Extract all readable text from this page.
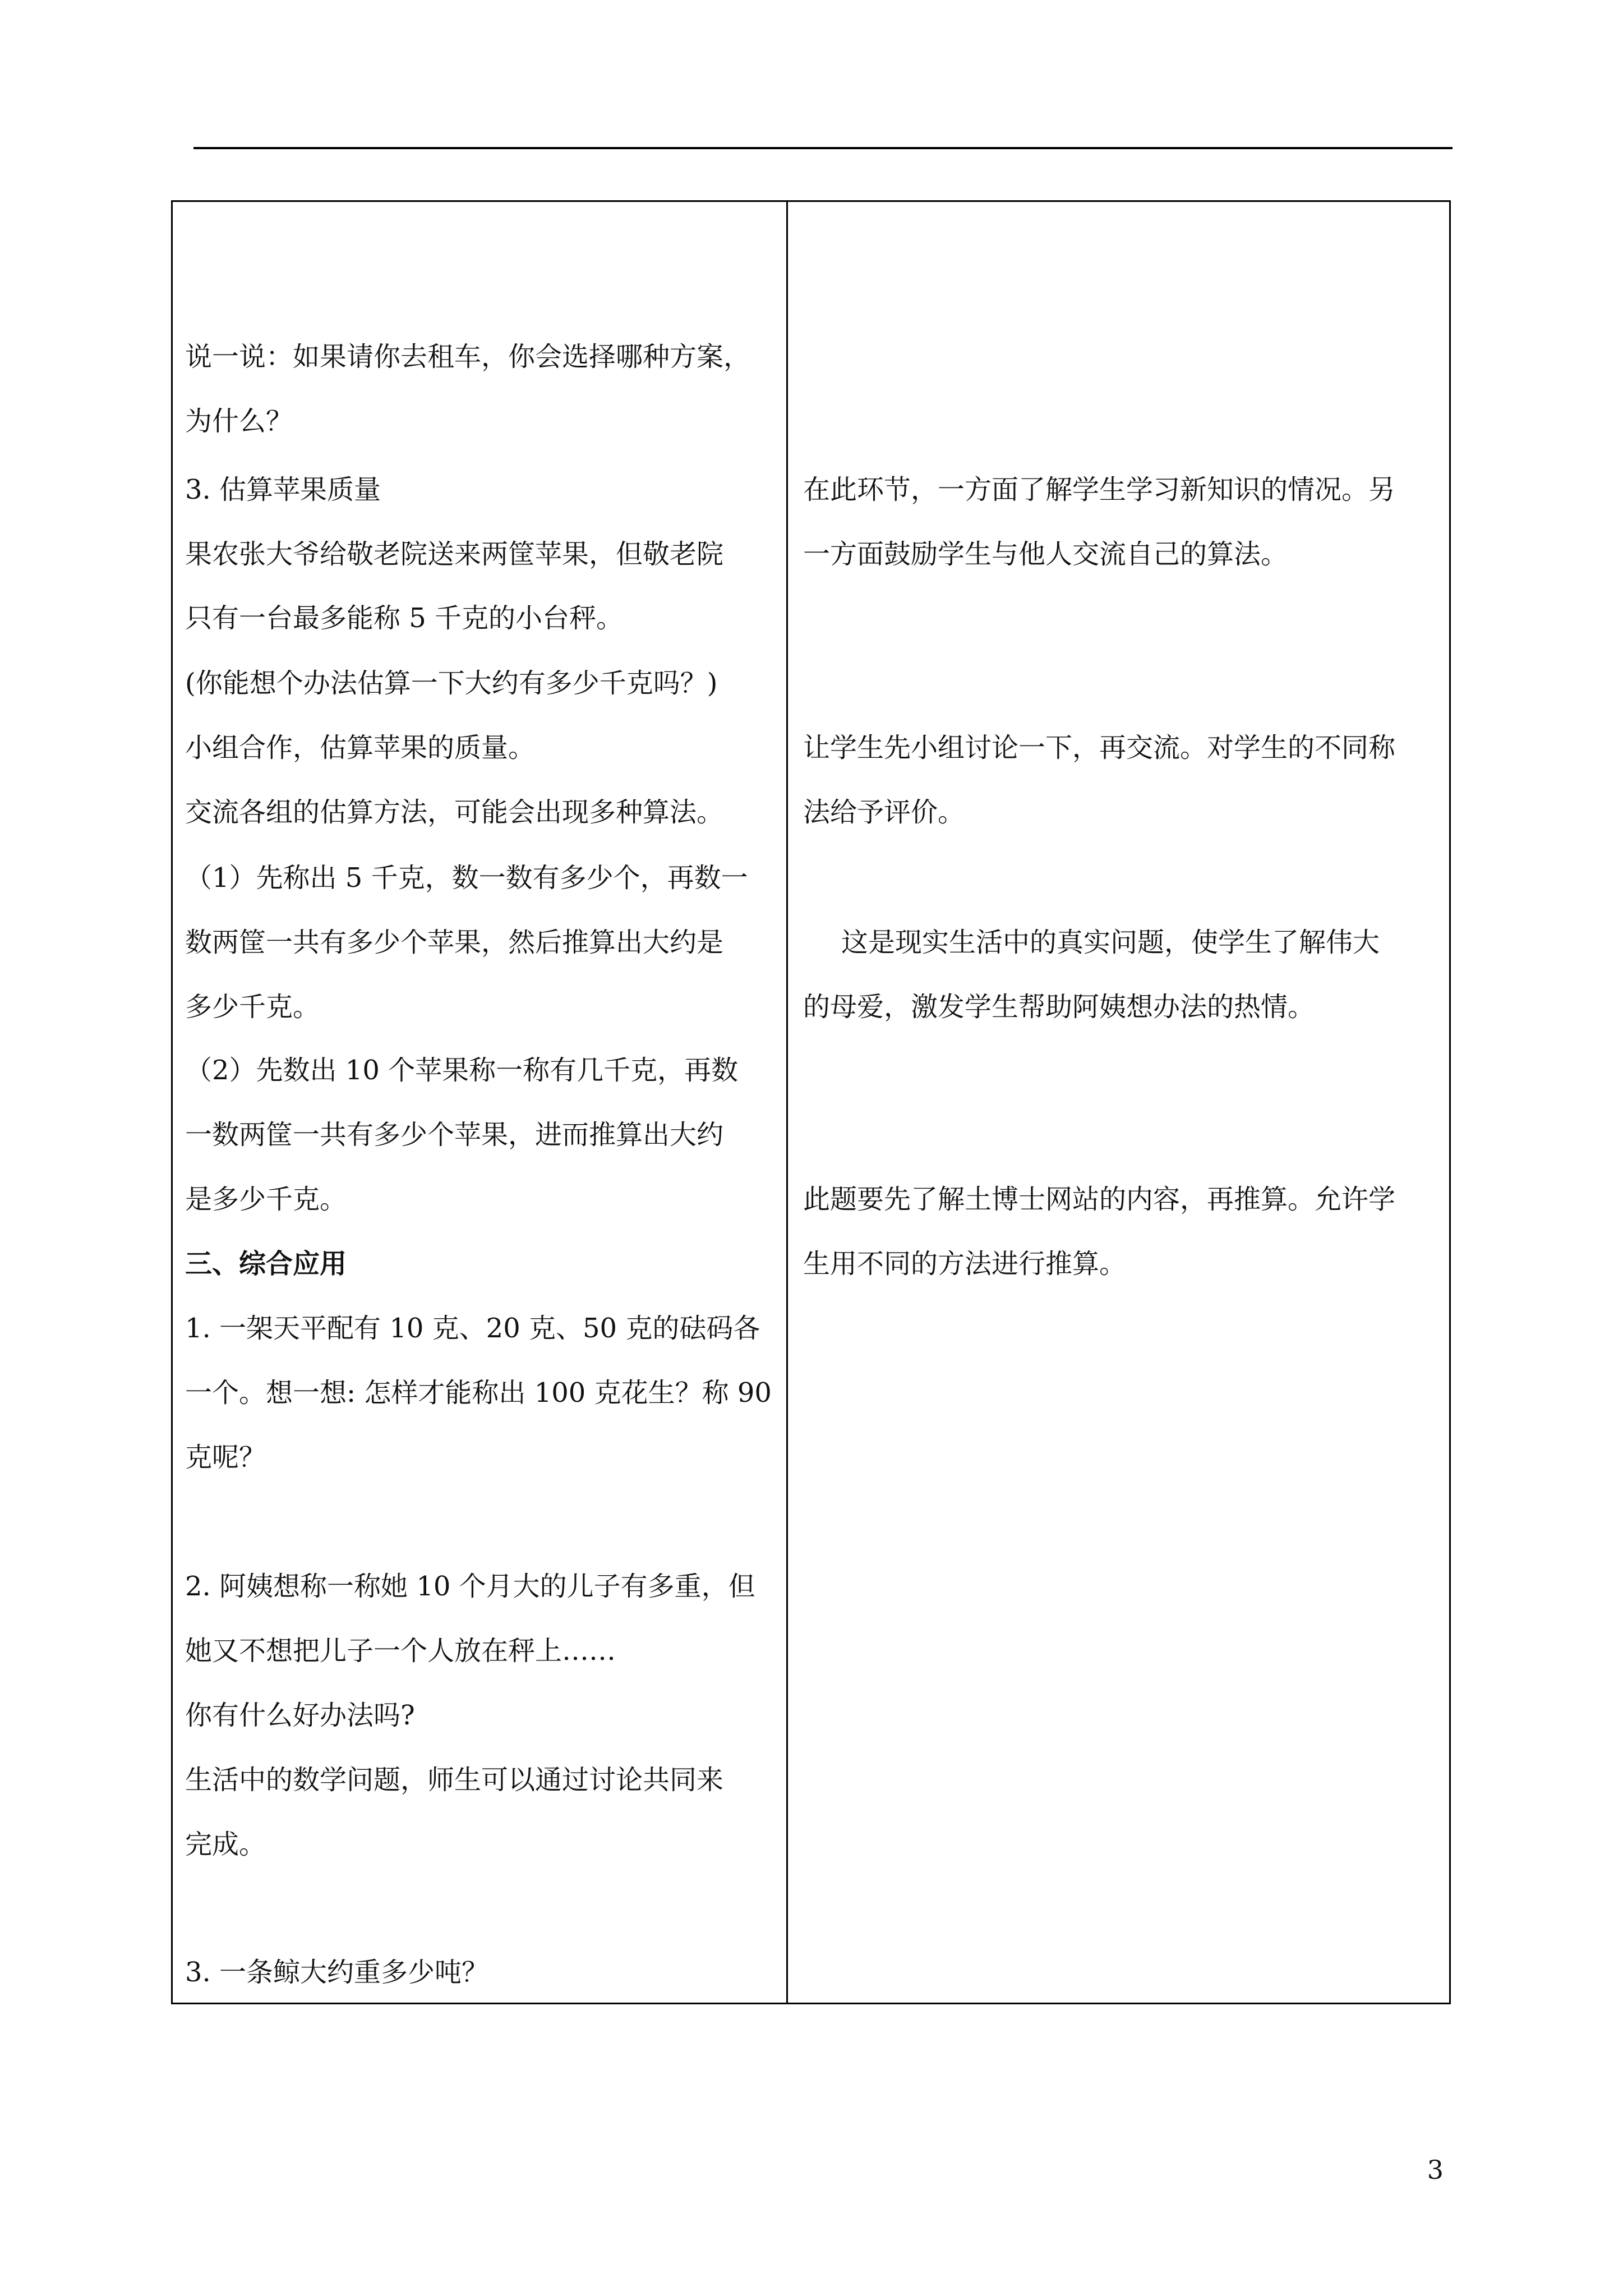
说一说：如果请你去租车，你会选择哪种方案，
为什么？
3. 估算苹果质量
果农张大爷给敬老院送来两筐苹果，但敬老院
只有一台最多能称 5 千克的小台秤。
(你能想个办法估算一下大约有多少千克吗？)
小组合作，估算苹果的质量。
交流各组的估算方法，可能会出现多种算法。
（1）先称出 5 千克，数一数有多少个，再数一
数两筐一共有多少个苹果，然后推算出大约是
多少千克。
（2）先数出 10 个苹果称一称有几千克，再数
一数两筐一共有多少个苹果，进而推算出大约
是多少千克。
三、综合应用
1. 一架天平配有 10 克、20 克、50 克的砝码各
一个。想一想: 怎样才能称出 100 克花生？称 90
克呢？
2. 阿姨想称一称她 10 个月大的儿子有多重，但
她又不想把儿子一个人放在秤上……
你有什么好办法吗?
生活中的数学问题，师生可以通过讨论共同来
完成。
3. 一条鲸大约重多少吨？
在此环节，一方面了解学生学习新知识的情况。另
一方面鼓励学生与他人交流自己的算法。
让学生先小组讨论一下，再交流。对学生的不同称
法给予评价。
这是现实生活中的真实问题，使学生了解伟大
的母爱，激发学生帮助阿姨想办法的热情。
此题要先了解土博士网站的内容，再推算。允许学
生用不同的方法进行推算。
3
